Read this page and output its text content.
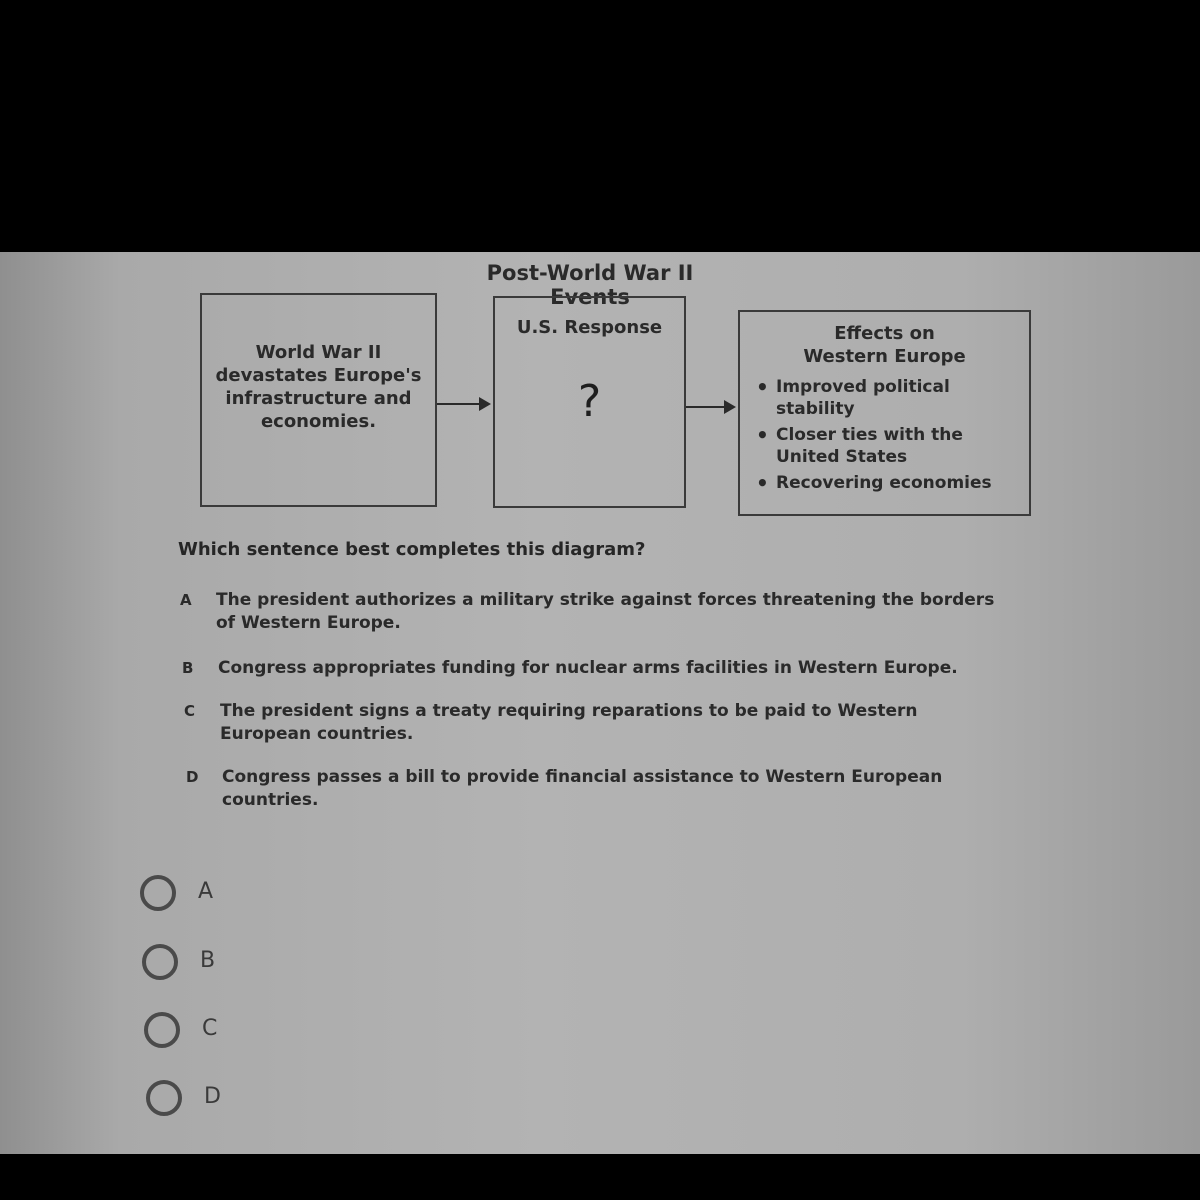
Post-World War II Events
World War II
devastates Europe's
infrastructure and
economies.
U.S. Response
?
Effects on
Western Europe
• Improved political
stability
• Closer ties with the
United States
• Recovering economies
Which sentence best completes this diagram?
A	The president authorizes a military strike against forces threatening the borders of Western Europe.
B	Congress appropriates funding for nuclear arms facilities in Western Europe.
C	The president signs a treaty requiring reparations to be paid to Western European countries.
D	Congress passes a bill to provide financial assistance to Western European countries.
A
B
C
D
